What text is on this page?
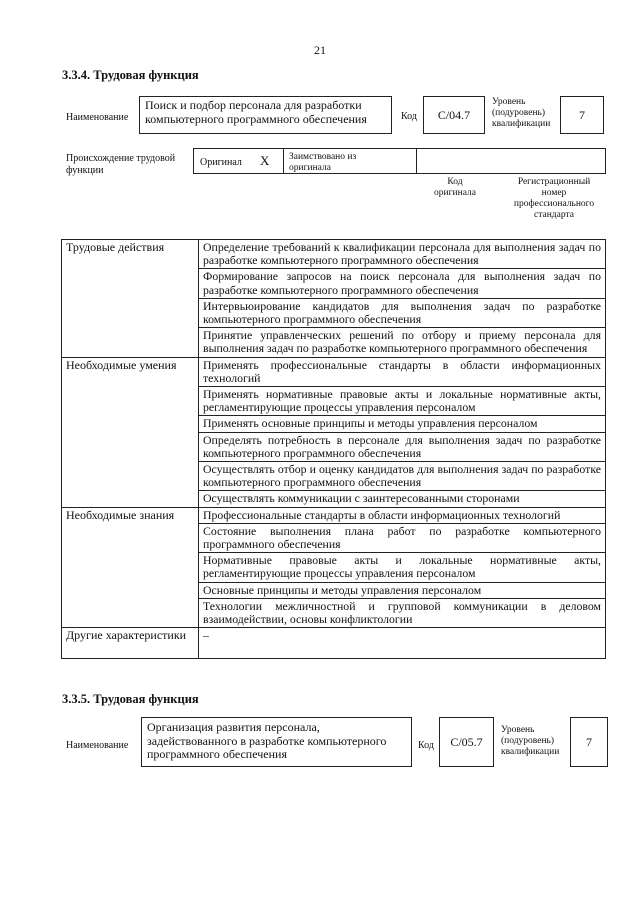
21
3.3.4. Трудовая функция
Наименование
Поиск и подбор персонала для разработки компьютерного программного обеспечения	Код	С/04.7
Уровень
(подуровень)
квалификации
7
Происхождение трудовой функции
Оригинал X Заимствовано из оригинала
Код оригинала
Регистрационный номер профессионального стандарта
Трудовые действия	Определение требований к квалификации персонала для выполнения задач по разработке компьютерного программного обеспечения
	Формирование запросов на поиск персонала для выполнения задач по разработке компьютерного программного обеспечения
	Интервьюирование кандидатов для выполнения задач по разработке компьютерного программного обеспечения
	Принятие управленческих решений по отбору и приему персонала для выполнения задач по разработке компьютерного программного обеспечения
Необходимые умения	Применять профессиональные стандарты в области информационных технологий
	Применять нормативные правовые акты и локальные нормативные акты, регламентирующие процессы управления персоналом
	Применять основные принципы и методы управления персоналом
	Определять потребность в персонале для выполнения задач по разработке компьютерного программного обеспечения
	Осуществлять отбор и оценку кандидатов для выполнения задач по разработке компьютерного программного обеспечения
	Осуществлять коммуникации с заинтересованными сторонами
Необходимые знания	Профессиональные стандарты в области информационных технологий
	Состояние выполнения плана работ по разработке компьютерного программного обеспечения
	Нормативные правовые акты и локальные нормативные акты, регламентирующие процессы управления персоналом
	Основные принципы и методы управления персоналом
	Технологии межличностной и групповой коммуникации в деловом взаимодействии, основы конфликтологии
Другие характеристики	–
3.3.5. Трудовая функция
Наименование
Организация развития персонала, задействованного в разработке компьютерного программного обеспечения
Код	С/05.7
Уровень
(подуровень)
квалификации
7
